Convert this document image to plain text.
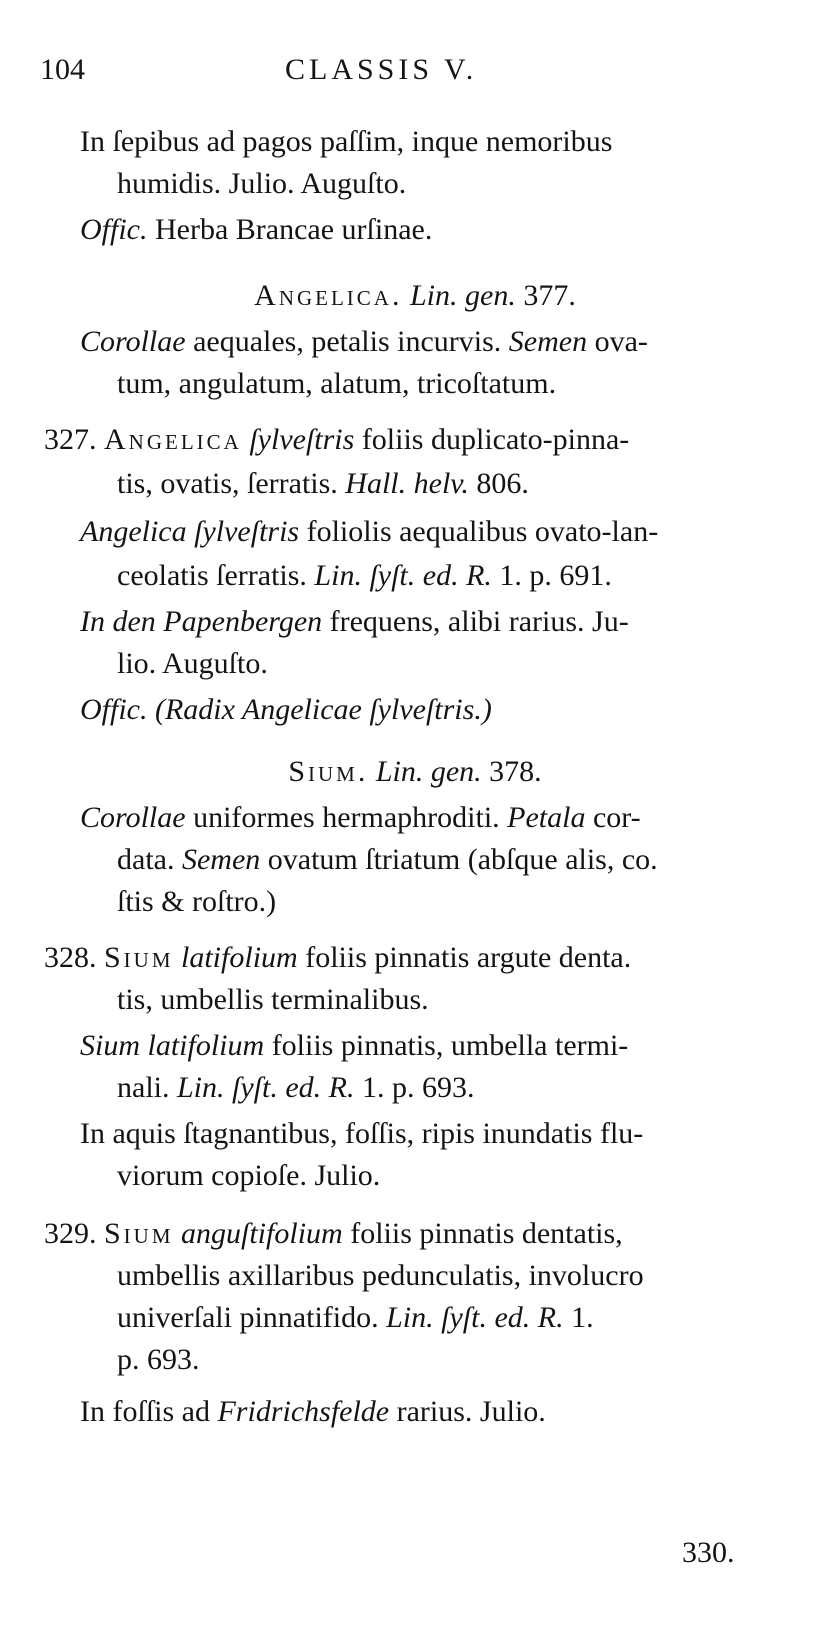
104	CLASSIS V.
In ſepibus ad pagos paſſim, inque nemoribus
humidis. Julio. Auguſto.
Offic. Herba Brancae urſinae.
Angelica. Lin. gen. 377.
Corollae aequales, petalis incurvis. Semen ova-
tum, angulatum, alatum, tricoſtatum.
327. Angelica ſylveſtris foliis duplicato-pinna-
tis, ovatis, ſerratis. Hall. helv. 806.
Angelica ſylveſtris foliolis aequalibus ovato-lan-
ceolatis ſerratis. Lin. ſyſt. ed. R. 1. p. 691.
In den Papenbergen frequens, alibi rarius. Ju-
lio. Auguſto.
Offic. (Radix Angelicae ſylveſtris.)
Sium. Lin. gen. 378.
Corollae uniformes hermaphroditi. Petala cor-
data. Semen ovatum ſtriatum (abſque alis, co.
ſtis & roſtro.)
328. Sium latifolium foliis pinnatis argute denta.
tis, umbellis terminalibus.
Sium latifolium foliis pinnatis, umbella termi-
nali. Lin. ſyſt. ed. R. 1. p. 693.
In aquis ſtagnantibus, foſſis, ripis inundatis flu-
viorum copioſe. Julio.
329. Sium anguſtifolium foliis pinnatis dentatis,
umbellis axillaribus pedunculatis, involucro
univerſali pinnatifido. Lin. ſyſt. ed. R. 1.
p. 693.
In foſſis ad Fridrichsfelde rarius. Julio.
330.
